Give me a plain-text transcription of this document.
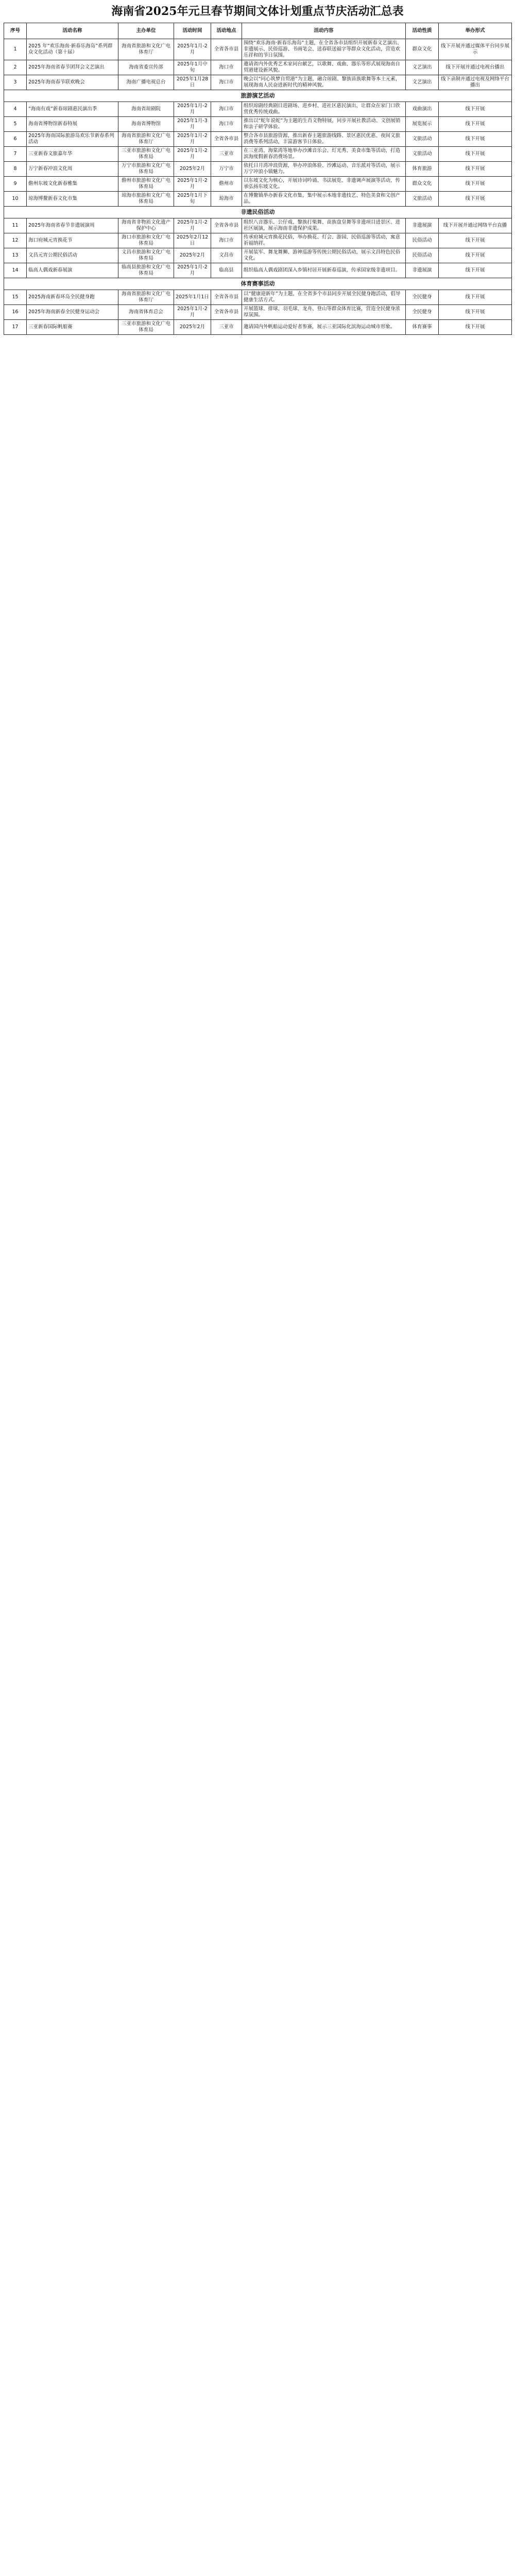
海南省2025年元旦春节期间文体计划重点节庆活动汇总表
序号	活动名称	主办单位	活动时间	活动地点	活动内容	活动性质	举办形式
1	2025 年“欢乐海南·新春乐海岛”系列群众文化活动（第十届）	海南省旅游和文化广电体育厅	2025年1月-2月	全省各市县	围绕“欢乐海南·新春乐海岛”主题，在全省各市县组织开展新春文艺演出、非遗展示、民俗巡游、书画笔会、送春联送福字等群众文化活动，营造欢乐祥和的节日氛围。	群众文化	线下开展并通过媒体平台同步展示
2	2025年海南省春节团拜会文艺演出	海南省委宣传部	2025年1月中旬	海口市	邀请省内外优秀艺术家同台献艺，以歌舞、戏曲、器乐等形式展现海南自贸港建设新风貌。	文艺演出	线下开展并通过电视台播出
3	2025年海南春节联欢晚会	海南广播电视总台	2025年1月28日	海口市	晚会以“同心筑梦自贸港”为主题，融合琼剧、黎族苗族歌舞等本土元素，展现海南人民奋进新时代的精神风貌。	文艺演出	线下录制并通过电视及网络平台播出
旅游演艺活动							
4	“海南有戏”新春琼剧惠民演出季	海南省琼剧院	2025年1月-2月	海口市	组织琼剧经典剧目进剧场、进乡村、进社区惠民演出，让群众在家门口欣赏优秀传统戏曲。	戏曲演出	线下开展
5	海南省博物馆新春特展	海南省博物馆	2025年1月-3月	海口市	推出以“蛇年说蛇”为主题的生肖文物特展，同步开展社教活动、文创展销和亲子研学体验。	展览展示	线下开展
6	2025年海南国际旅游岛欢乐节新春系列活动	海南省旅游和文化广电体育厅	2025年1月-2月	全省各市县	整合各市县旅游资源，推出新春主题旅游线路、景区惠民优惠、夜间文旅消费等系列活动，丰富游客节日体验。	文旅活动	线下开展
7	三亚新春文旅嘉年华	三亚市旅游和文化广电体育局	2025年1月-2月	三亚市	在三亚湾、海棠湾等地举办沙滩音乐会、灯光秀、美食市集等活动，打造滨海度假新春消费场景。	文旅活动	线下开展
8	万宁新春冲浪文化周	万宁市旅游和文化广电体育局	2025年2月	万宁市	依托日月湾冲浪资源，举办冲浪体验、沙滩运动、音乐派对等活动，展示万宁冲浪小镇魅力。	体育旅游	线下开展
9	儋州东坡文化新春雅集	儋州市旅游和文化广电体育局	2025年1月-2月	儋州市	以东坡文化为核心，开展诗词吟诵、书法展览、非遗调声展演等活动，传承弘扬东坡文化。	群众文化	线下开展
10	琼海博鳌新春文化市集	琼海市旅游和文化广电体育局	2025年1月下旬	琼海市	在博鳌镇举办新春文化市集，集中展示本地非遗技艺、特色美食和文创产品。	文旅活动	线下开展
非遗民俗活动							
11	2025年海南省春节非遗展演周	海南省非物质文化遗产保护中心	2025年1月-2月	全省各市县	组织八音器乐、公仔戏、黎族打柴舞、苗族盘皇舞等非遗项目进景区、进社区展演，展示海南非遗保护成果。	非遗展演	线下开展并通过网络平台直播
12	海口府城元宵换花节	海口市旅游和文化广电体育局	2025年2月12日	海口市	传承府城元宵换花民俗，举办换花、灯会、游园、民俗巡游等活动，寓意祈福纳祥。	民俗活动	线下开展
13	文昌元宵公期民俗活动	文昌市旅游和文化广电体育局	2025年2月	文昌市	开展装军、舞龙舞狮、游神巡游等传统公期民俗活动，展示文昌特色民俗文化。	民俗活动	线下开展
14	临高人偶戏新春展演	临高县旅游和文化广电体育局	2025年1月-2月	临高县	组织临高人偶戏剧团深入乡镇村居开展新春巡演，传承国家级非遗项目。	非遗展演	线下开展
体育赛事活动							
15	2025海南新春环岛全民健身跑	海南省旅游和文化广电体育厅	2025年1月1日	全省各市县	以“健康迎新年”为主题，在全省多个市县同步开展全民健身跑活动，倡导健康生活方式。	全民健身	线下开展
16	2025年海南新春全民健身运动会	海南省体育总会	2025年1月-2月	全省各市县	开展篮球、排球、羽毛球、龙舟、登山等群众体育比赛，营造全民健身浓厚氛围。	全民健身	线下开展
17	三亚新春国际帆船赛	三亚市旅游和文化广电体育局	2025年2月	三亚市	邀请国内外帆船运动爱好者参赛，展示三亚国际化滨海运动城市形象。	体育赛事	线下开展
